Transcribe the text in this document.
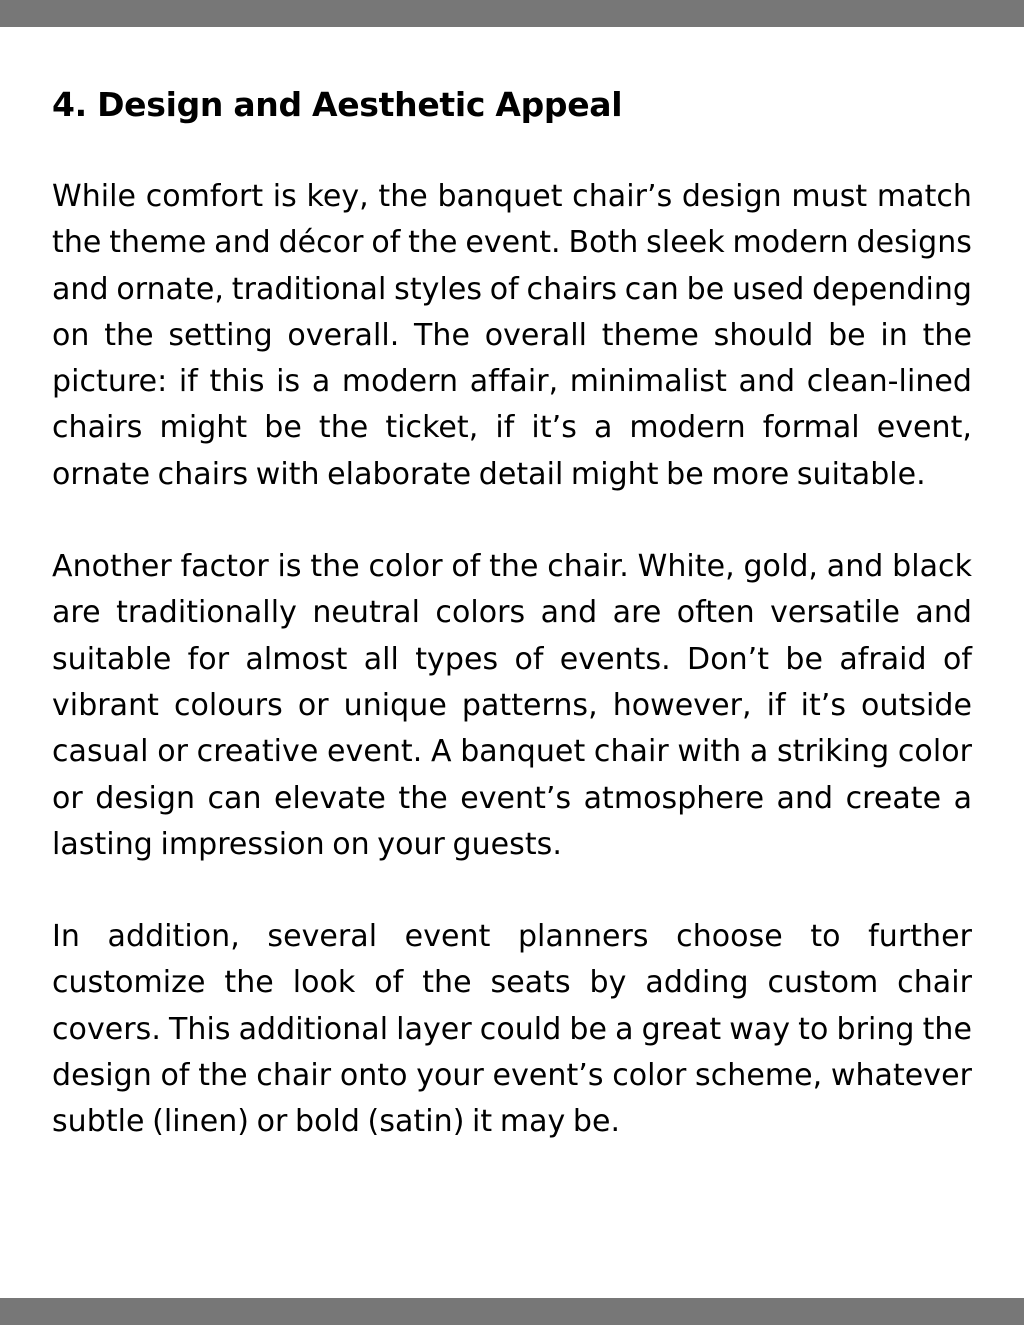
4. Design and Aesthetic Appeal

While comfort is key, the banquet chair’s design must match the theme and décor of the event. Both sleek modern designs and ornate, traditional styles of chairs can be used depending on the setting overall. The overall theme should be in the picture: if this is a modern affair, minimalist and clean-lined chairs might be the ticket, if it’s a modern formal event, ornate chairs with elaborate detail might be more suitable.

Another factor is the color of the chair. White, gold, and black are traditionally neutral colors and are often versatile and suitable for almost all types of events. Don’t be afraid of vibrant colours or unique patterns, however, if it’s outside casual or creative event. A banquet chair with a striking color or design can elevate the event’s atmosphere and create a lasting impression on your guests.

In addition, several event planners choose to further customize the look of the seats by adding custom chair covers. This additional layer could be a great way to bring the design of the chair onto your event’s color scheme, whatever subtle (linen) or bold (satin) it may be.
